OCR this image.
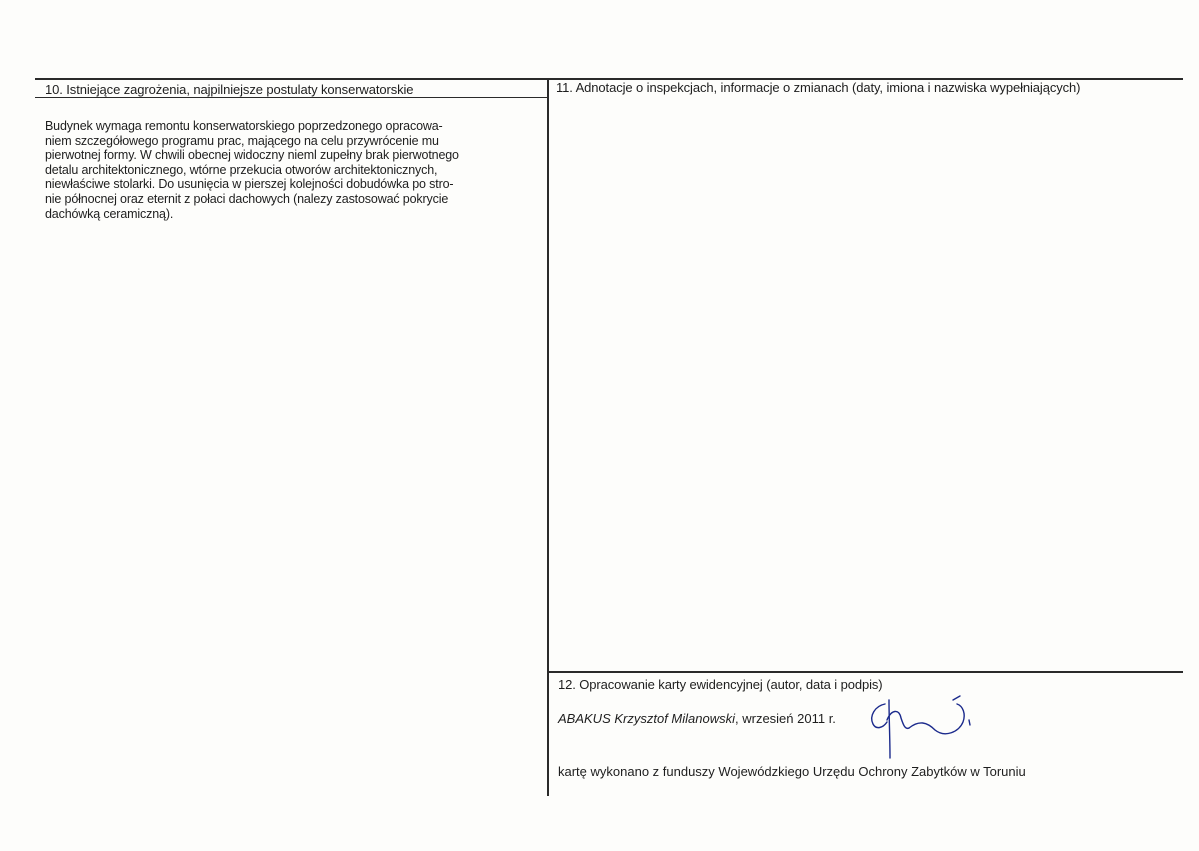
10. Istniejące zagrożenia, najpilniejsze postulaty konserwatorskie
Budynek wymaga remontu konserwatorskiego poprzedzonego opracowa-
niem szczegółowego programu prac, mającego na celu przywrócenie mu
pierwotnej formy. W chwili obecnej widoczny nieml zupełny brak pierwotnego
detalu architektonicznego, wtórne przekucia otworów architektonicznych,
niewłaściwe stolarki. Do usunięcia w pierszej kolejności dobudówka po stro-
nie północnej oraz eternit z połaci dachowych (nalezy zastosować pokrycie
dachówką ceramiczną).
11. Adnotacje o inspekcjach, informacje o zmianach (daty, imiona i nazwiska wypełniających)
12. Opracowanie karty ewidencyjnej (autor, data i podpis)
ABAKUS Krzysztof Milanowski, wrzesień 2011 r.
kartę wykonano z funduszy Wojewódzkiego Urzędu Ochrony Zabytków w Toruniu
